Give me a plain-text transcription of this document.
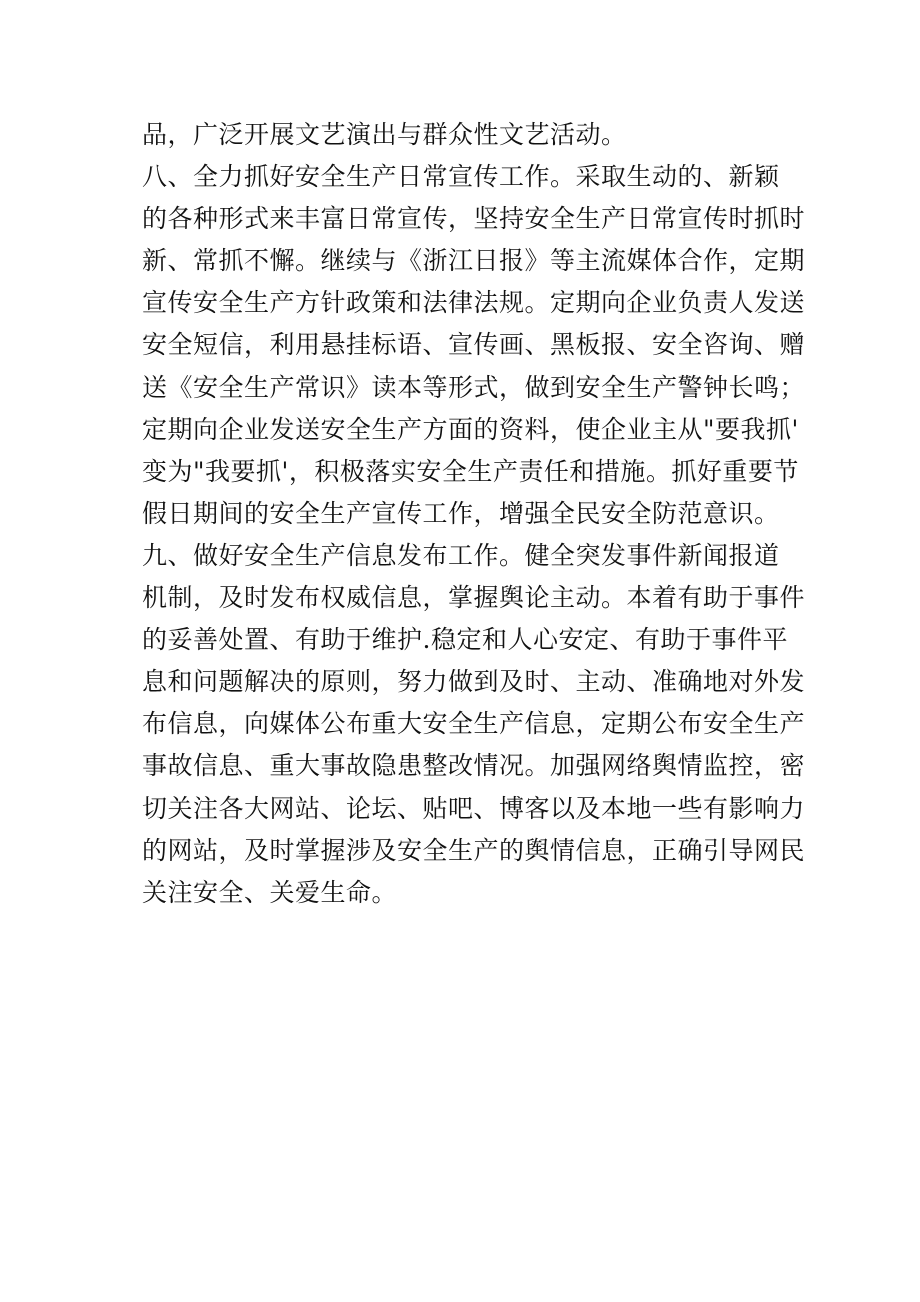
品，广泛开展文艺演出与群众性文艺活动。
八、全力抓好安全生产日常宣传工作。采取生动的、新颖
的各种形式来丰富日常宣传，坚持安全生产日常宣传时抓时
新、常抓不懈。继续与《浙江日报》等主流媒体合作，定期
宣传安全生产方针政策和法律法规。定期向企业负责人发送
安全短信，利用悬挂标语、宣传画、黑板报、安全咨询、赠
送《安全生产常识》读本等形式，做到安全生产警钟长鸣；
定期向企业发送安全生产方面的资料，使企业主从"要我抓'
变为"我要抓'，积极落实安全生产责任和措施。抓好重要节
假日期间的安全生产宣传工作，增强全民安全防范意识。
九、做好安全生产信息发布工作。健全突发事件新闻报道
机制，及时发布权威信息，掌握舆论主动。本着有助于事件
的妥善处置、有助于维护.稳定和人心安定、有助于事件平
息和问题解决的原则，努力做到及时、主动、准确地对外发
布信息，向媒体公布重大安全生产信息，定期公布安全生产
事故信息、重大事故隐患整改情况。加强网络舆情监控，密
切关注各大网站、论坛、贴吧、博客以及本地一些有影响力
的网站，及时掌握涉及安全生产的舆情信息，正确引导网民
关注安全、关爱生命。
